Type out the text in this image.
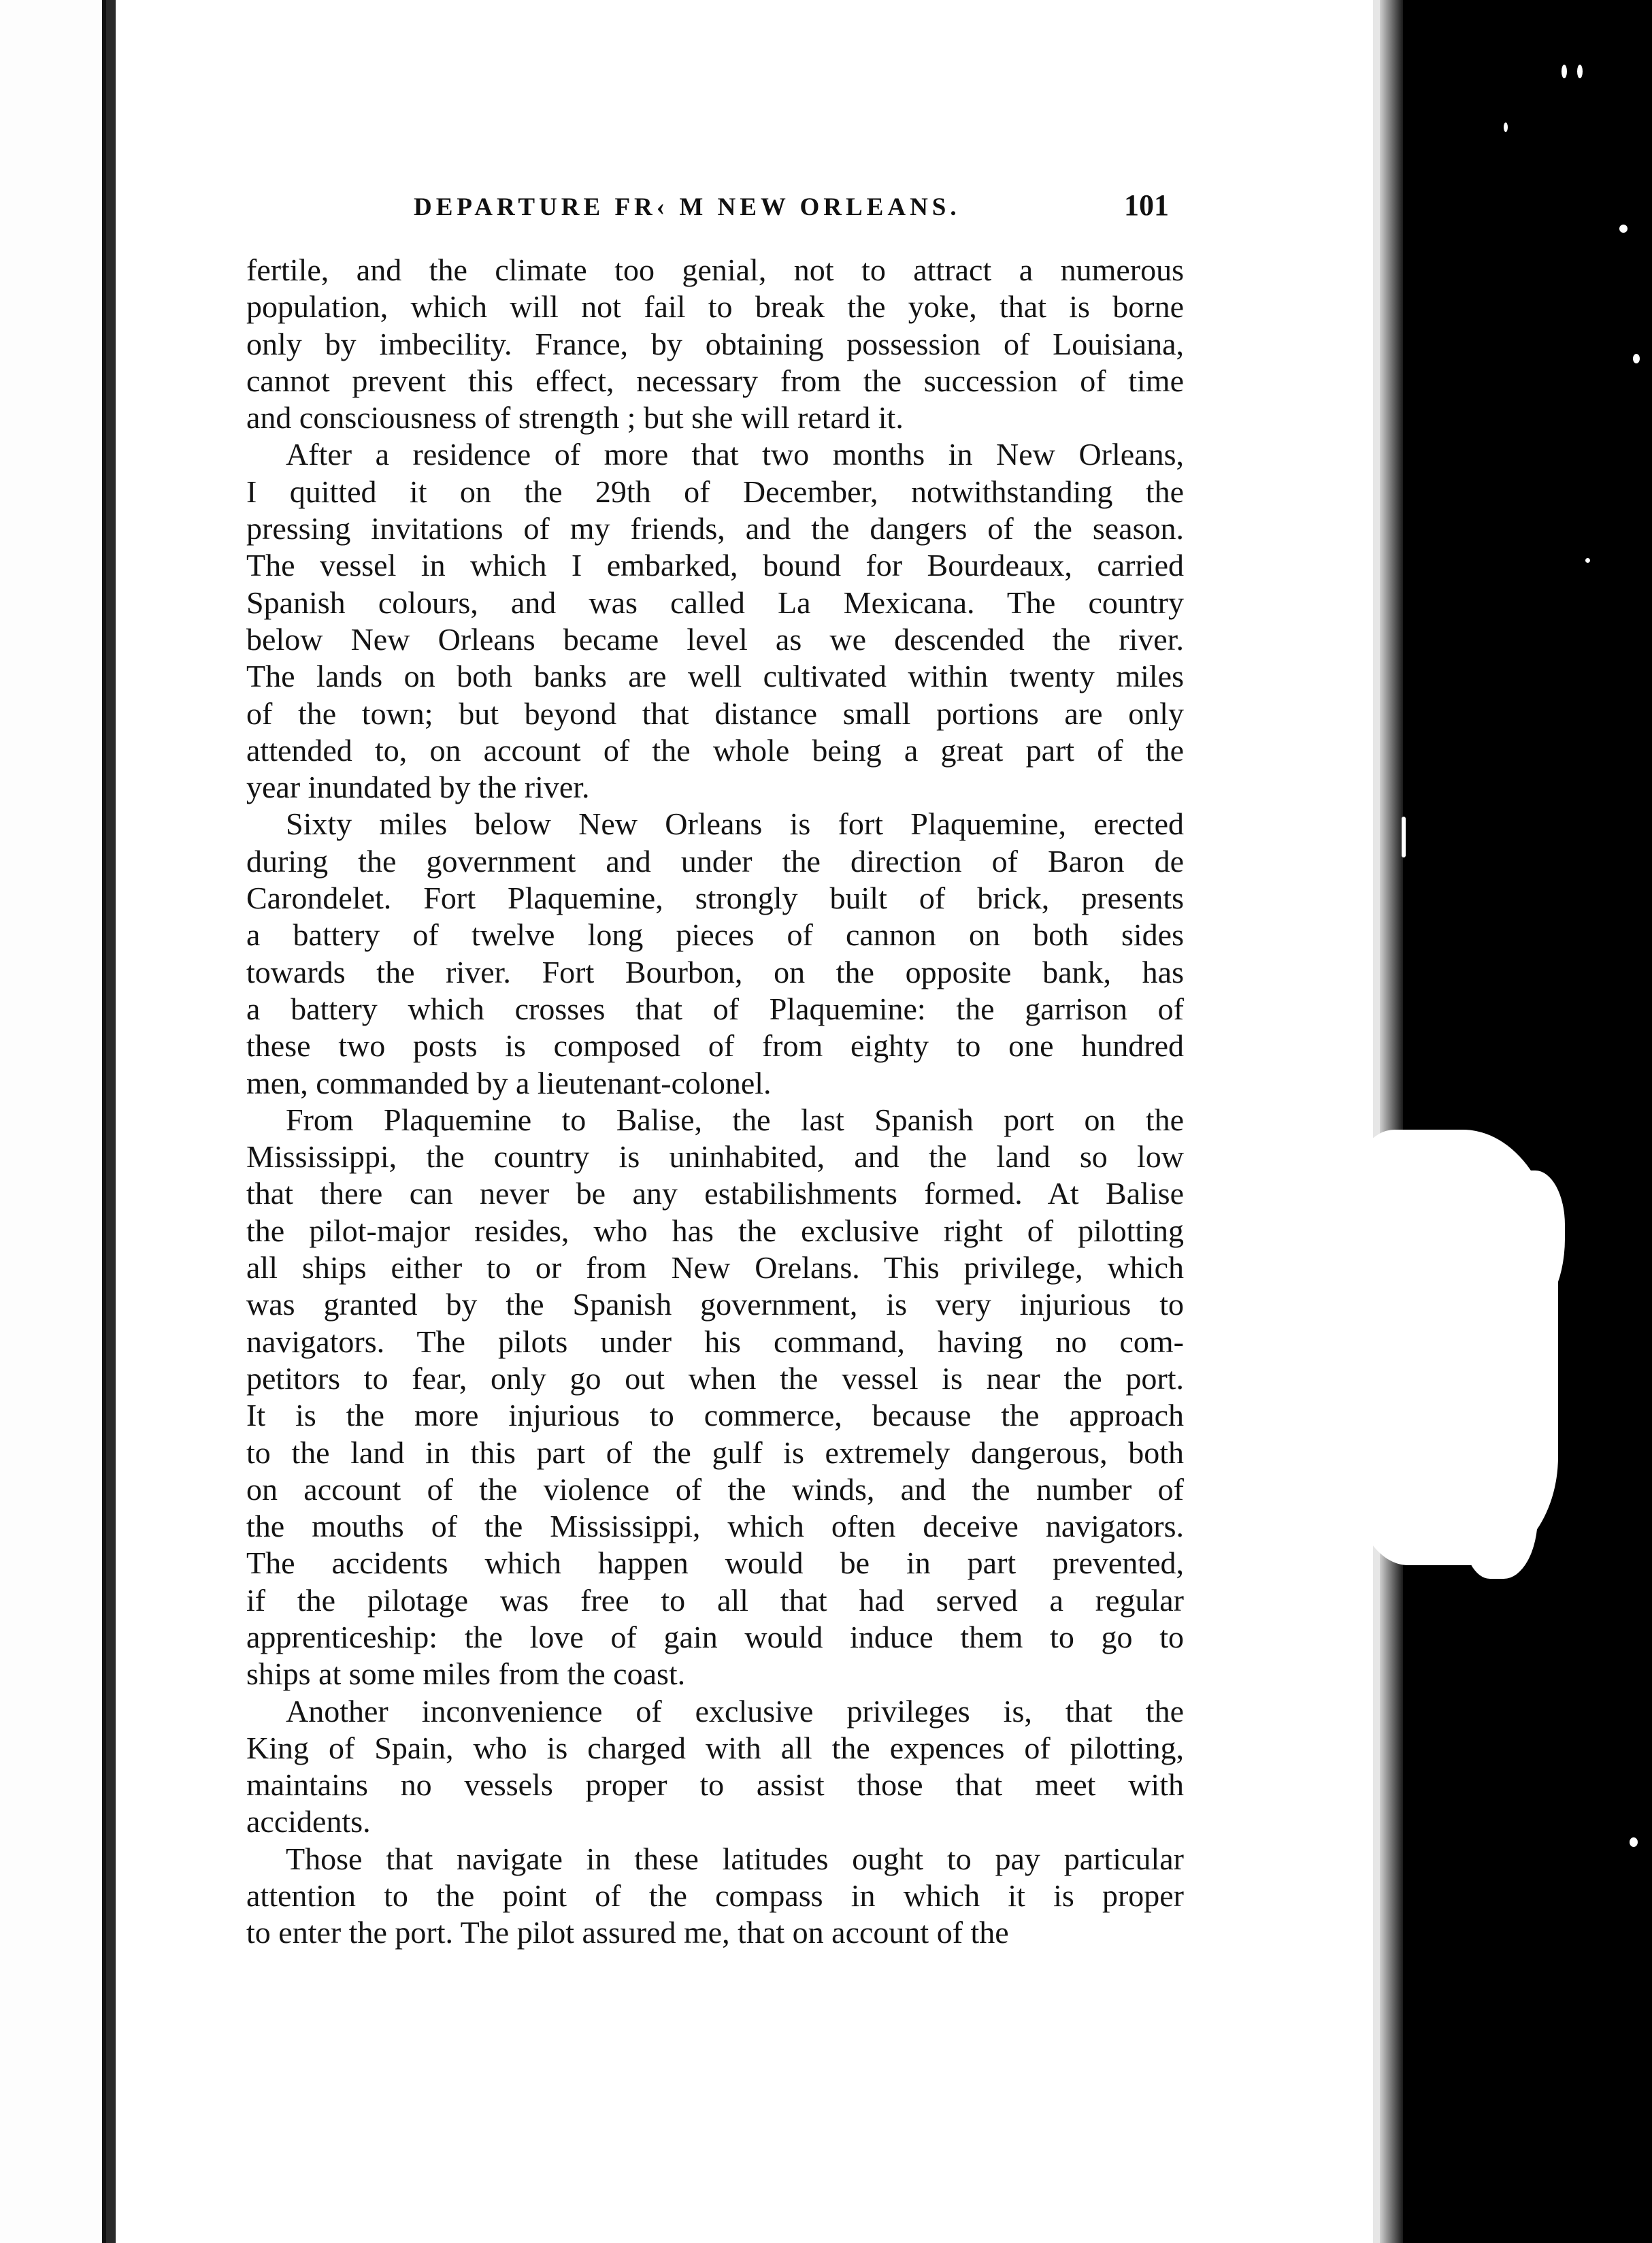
DEPARTURE FR‹ M NEW ORLEANS.	101
fertile, and the climate too genial, not to attract a numerous
population, which will not fail to break the yoke, that is borne
only by imbecility. France, by obtaining possession of Louisiana,
cannot prevent this effect, necessary from the succession of time
and consciousness of strength ; but she will retard it.
After a residence of more that two months in New Orleans,
I quitted it on the 29th of December, notwithstanding the
pressing invitations of my friends, and the dangers of the season.
The vessel in which I embarked, bound for Bourdeaux, carried
Spanish colours, and was called La Mexicana. The country
below New Orleans became level as we descended the river.
The lands on both banks are well cultivated within twenty miles
of the town; but beyond that distance small portions are only
attended to, on account of the whole being a great part of the
year inundated by the river.
Sixty miles below New Orleans is fort Plaquemine, erected
during the government and under the direction of Baron de
Carondelet. Fort Plaquemine, strongly built of brick, presents
a battery of twelve long pieces of cannon on both sides
towards the river. Fort Bourbon, on the opposite bank, has
a battery which crosses that of Plaquemine: the garrison of
these two posts is composed of from eighty to one hundred
men, commanded by a lieutenant-colonel.
From Plaquemine to Balise, the last Spanish port on the
Mississippi, the country is uninhabited, and the land so low
that there can never be any estabilishments formed. At Balise
the pilot-major resides, who has the exclusive right of pilotting
all ships either to or from New Orelans. This privilege, which
was granted by the Spanish government, is very injurious to
navigators. The pilots under his command, having no com-
petitors to fear, only go out when the vessel is near the port.
It is the more injurious to commerce, because the approach
to the land in this part of the gulf is extremely dangerous, both
on account of the violence of the winds, and the number of
the mouths of the Mississippi, which often deceive navigators.
The accidents which happen would be in part prevented,
if the pilotage was free to all that had served a regular
apprenticeship: the love of gain would induce them to go to
ships at some miles from the coast.
Another inconvenience of exclusive privileges is, that the
King of Spain, who is charged with all the expences of pilotting,
maintains no vessels proper to assist those that meet with
accidents.
Those that navigate in these latitudes ought to pay particular
attention to the point of the compass in which it is proper
to enter the port. The pilot assured me, that on account of the
